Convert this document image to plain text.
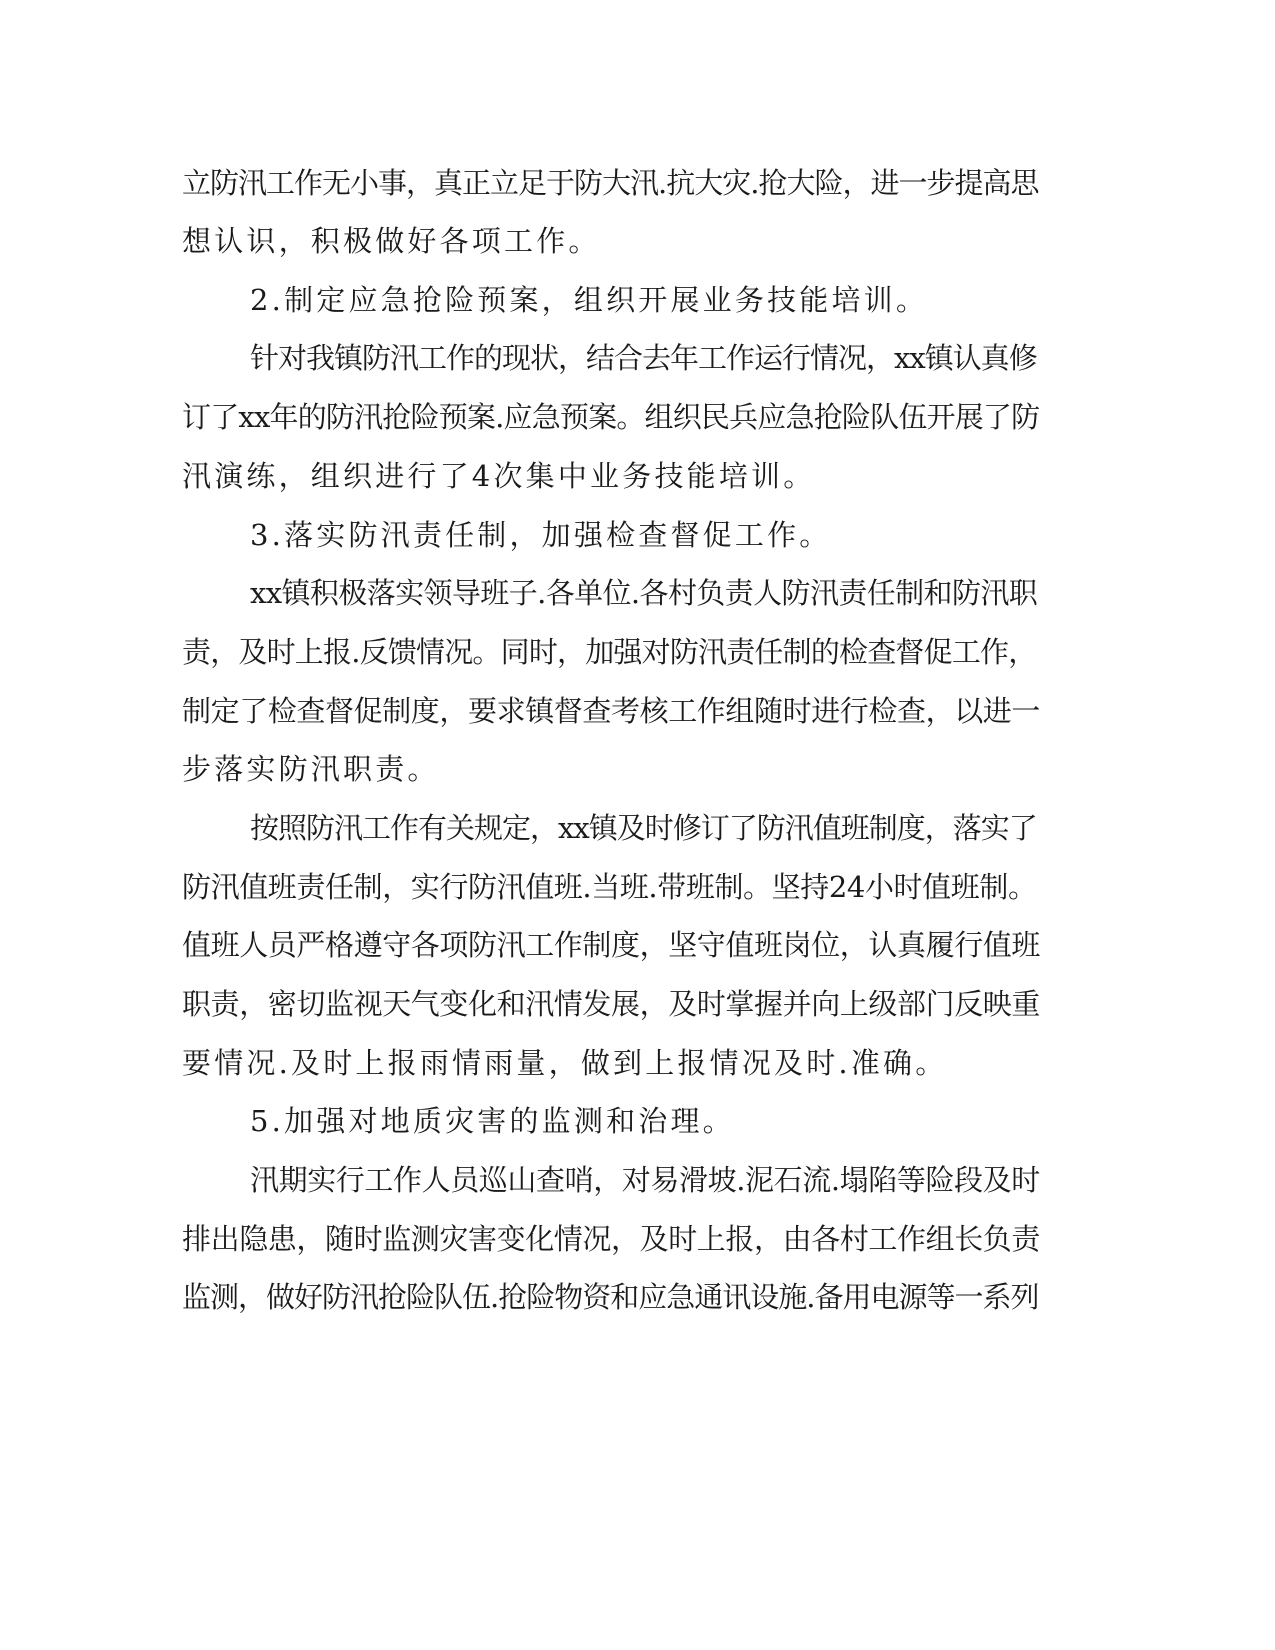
立防汛工作无小事，真正立足于防大汛.抗大灾.抢大险，进一步提高思
想认识，积极做好各项工作。
2.制定应急抢险预案，组织开展业务技能培训。
针对我镇防汛工作的现状，结合去年工作运行情况，xx镇认真修
订了xx年的防汛抢险预案.应急预案。组织民兵应急抢险队伍开展了防
汛演练，组织进行了4次集中业务技能培训。
3.落实防汛责任制，加强检查督促工作。
xx镇积极落实领导班子.各单位.各村负责人防汛责任制和防汛职
责，及时上报.反馈情况。同时，加强对防汛责任制的检查督促工作，
制定了检查督促制度，要求镇督查考核工作组随时进行检查，以进一
步落实防汛职责。
按照防汛工作有关规定，xx镇及时修订了防汛值班制度，落实了
防汛值班责任制，实行防汛值班.当班.带班制。坚持24小时值班制。
值班人员严格遵守各项防汛工作制度，坚守值班岗位，认真履行值班
职责，密切监视天气变化和汛情发展，及时掌握并向上级部门反映重
要情况.及时上报雨情雨量，做到上报情况及时.准确。
5.加强对地质灾害的监测和治理。
汛期实行工作人员巡山查哨，对易滑坡.泥石流.塌陷等险段及时
排出隐患，随时监测灾害变化情况，及时上报，由各村工作组长负责
监测，做好防汛抢险队伍.抢险物资和应急通讯设施.备用电源等一系列
